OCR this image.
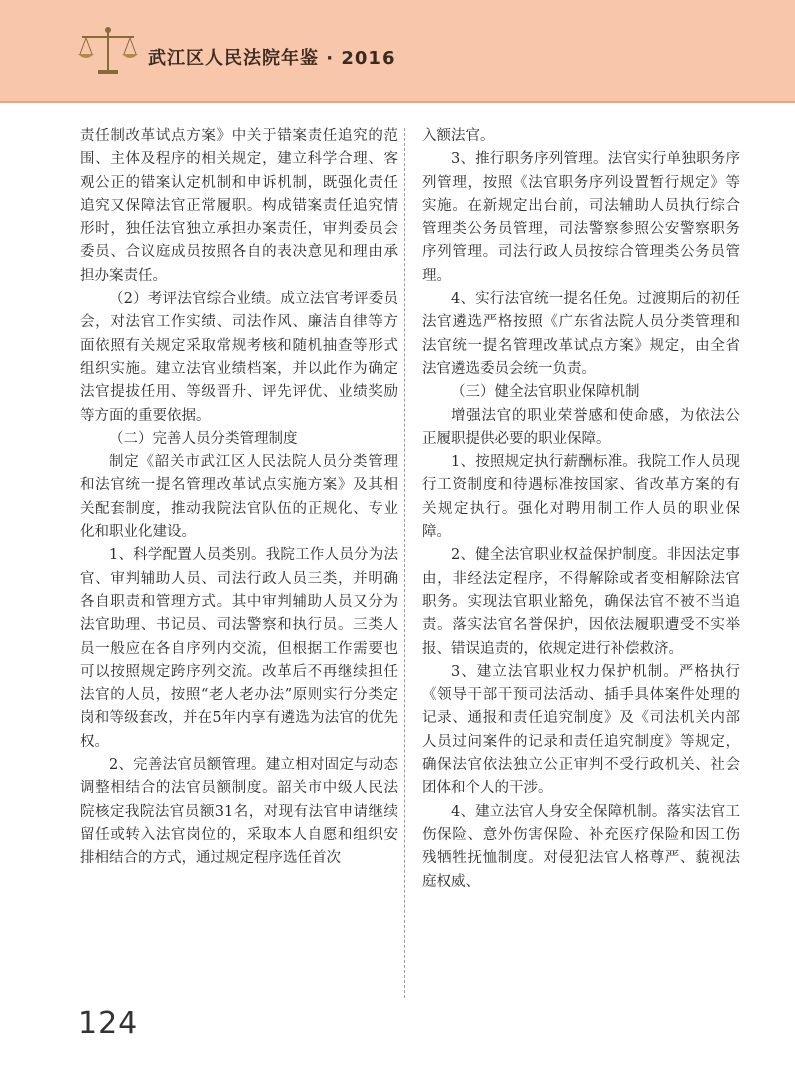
武江区人民法院年鉴 · 2016

责任制改革试点方案》中关于错案责任追究的范围、主体及程序的相关规定，建立科学合理、客观公正的错案认定机制和申诉机制，既强化责任追究又保障法官正常履职。构成错案责任追究情形时，独任法官独立承担办案责任，审判委员会委员、合议庭成员按照各自的表决意见和理由承担办案责任。

（2）考评法官综合业绩。成立法官考评委员会，对法官工作实绩、司法作风、廉洁自律等方面依照有关规定采取常规考核和随机抽查等形式组织实施。建立法官业绩档案，并以此作为确定法官提拔任用、等级晋升、评先评优、业绩奖励等方面的重要依据。

（二）完善人员分类管理制度

制定《韶关市武江区人民法院人员分类管理和法官统一提名管理改革试点实施方案》及其相关配套制度，推动我院法官队伍的正规化、专业化和职业化建设。

1、科学配置人员类别。我院工作人员分为法官、审判辅助人员、司法行政人员三类，并明确各自职责和管理方式。其中审判辅助人员又分为法官助理、书记员、司法警察和执行员。三类人员一般应在各自序列内交流，但根据工作需要也可以按照规定跨序列交流。改革后不再继续担任法官的人员，按照“老人老办法”原则实行分类定岗和等级套改，并在5年内享有遴选为法官的优先权。

2、完善法官员额管理。建立相对固定与动态调整相结合的法官员额制度。韶关市中级人民法院核定我院法官员额31名，对现有法官申请继续留任或转入法官岗位的，采取本人自愿和组织安排相结合的方式，通过规定程序选任首次

入额法官。

3、推行职务序列管理。法官实行单独职务序列管理，按照《法官职务序列设置暂行规定》等实施。在新规定出台前，司法辅助人员执行综合管理类公务员管理，司法警察参照公安警察职务序列管理。司法行政人员按综合管理类公务员管理。

4、实行法官统一提名任免。过渡期后的初任法官遴选严格按照《广东省法院人员分类管理和法官统一提名管理改革试点方案》规定，由全省法官遴选委员会统一负责。

（三）健全法官职业保障机制

增强法官的职业荣誉感和使命感，为依法公正履职提供必要的职业保障。

1、按照规定执行薪酬标准。我院工作人员现行工资制度和待遇标准按国家、省改革方案的有关规定执行。强化对聘用制工作人员的职业保障。

2、健全法官职业权益保护制度。非因法定事由，非经法定程序，不得解除或者变相解除法官职务。实现法官职业豁免，确保法官不被不当追责。落实法官名誉保护，因依法履职遭受不实举报、错误追责的，依规定进行补偿救济。

3、建立法官职业权力保护机制。严格执行《领导干部干预司法活动、插手具体案件处理的记录、通报和责任追究制度》及《司法机关内部人员过问案件的记录和责任追究制度》等规定，确保法官依法独立公正审判不受行政机关、社会团体和个人的干涉。

4、建立法官人身安全保障机制。落实法官工伤保险、意外伤害保险、补充医疗保险和因工伤残牺牲抚恤制度。对侵犯法官人格尊严、藐视法庭权威、

124
